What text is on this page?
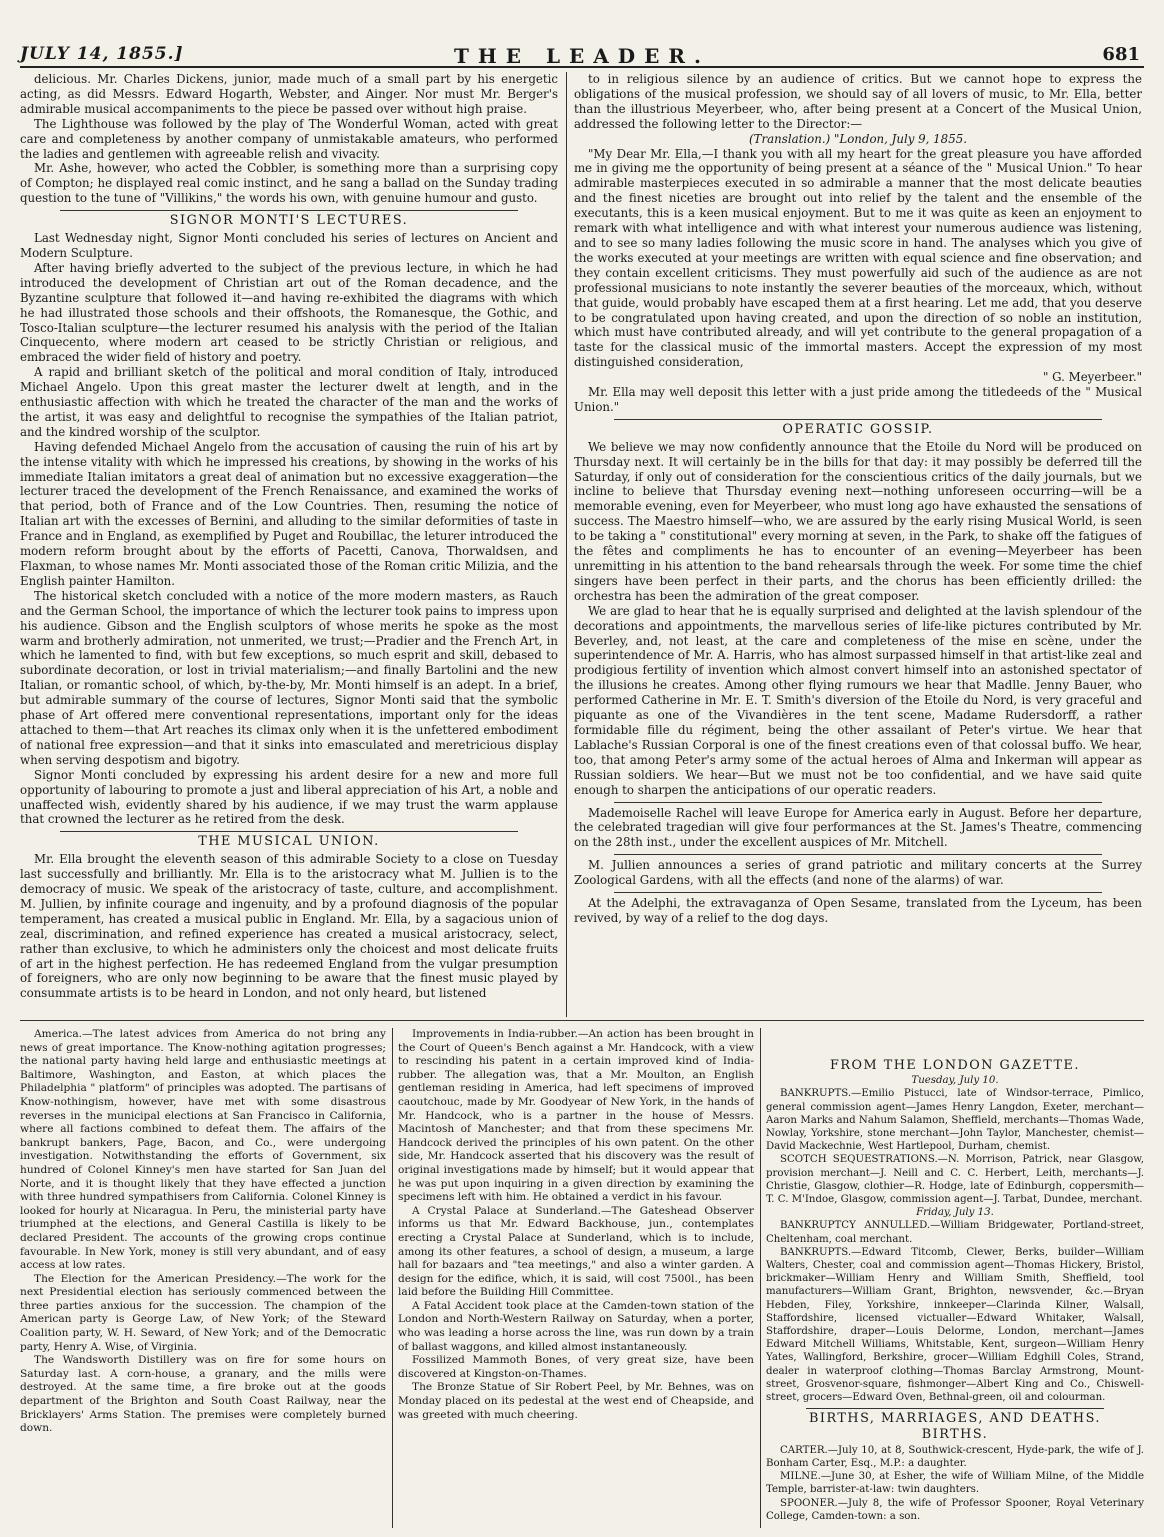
JULY 14, 1855.]	THE LEADER.	681

delicious. Mr. Charles Dickens, junior, made much of a small part by his energetic acting, as did Messrs. Edward Hogarth, Webster, and Ainger. Nor must Mr. Berger's admirable musical accompaniments to the piece be passed over without high praise.

The Lighthouse was followed by the play of The Wonderful Woman, acted with great care and completeness by another company of unmistakable amateurs, who performed the ladies and gentlemen with agreeable relish and vivacity.

Mr. Ashe, however, who acted the Cobbler, is something more than a surprising copy of Compton; he displayed real comic instinct, and he sang a ballad on the Sunday trading question to the tune of "Villikins," the words his own, with genuine humour and gusto.

SIGNOR MONTI'S LECTURES.

Last Wednesday night, Signor Monti concluded his series of lectures on Ancient and Modern Sculpture.

After having briefly adverted to the subject of the previous lecture, in which he had introduced the development of Christian art out of the Roman decadence, and the Byzantine sculpture that followed it—and having re-exhibited the diagrams with which he had illustrated those schools and their offshoots, the Romanesque, the Gothic, and Tosco-Italian sculpture—the lecturer resumed his analysis with the period of the Italian Cinquecento, where modern art ceased to be strictly Christian or religious, and embraced the wider field of history and poetry.

A rapid and brilliant sketch of the political and moral condition of Italy, introduced Michael Angelo. Upon this great master the lecturer dwelt at length, and in the enthusiastic affection with which he treated the character of the man and the works of the artist, it was easy and delightful to recognise the sympathies of the Italian patriot, and the kindred worship of the sculptor.

Having defended Michael Angelo from the accusation of causing the ruin of his art by the intense vitality with which he impressed his creations, by showing in the works of his immediate Italian imitators a great deal of animation but no excessive exaggeration—the lecturer traced the development of the French Renaissance, and examined the works of that period, both of France and of the Low Countries. Then, resuming the notice of Italian art with the excesses of Bernini, and alluding to the similar deformities of taste in France and in England, as exemplified by Puget and Roubillac, the leturer introduced the modern reform brought about by the efforts of Pacetti, Canova, Thorwaldsen, and Flaxman, to whose names Mr. Monti associated those of the Roman critic Milizia, and the English painter Hamilton.

The historical sketch concluded with a notice of the more modern masters, as Rauch and the German School, the importance of which the lecturer took pains to impress upon his audience. Gibson and the English sculptors of whose merits he spoke as the most warm and brotherly admiration, not unmerited, we trust;—Pradier and the French Art, in which he lamented to find, with but few exceptions, so much esprit and skill, debased to subordinate decoration, or lost in trivial materialism;—and finally Bartolini and the new Italian, or romantic school, of which, by-the-by, Mr. Monti himself is an adept. In a brief, but admirable summary of the course of lectures, Signor Monti said that the symbolic phase of Art offered mere conventional representations, important only for the ideas attached to them—that Art reaches its climax only when it is the unfettered embodiment of national free expression—and that it sinks into emasculated and meretricious display when serving despotism and bigotry.

Signor Monti concluded by expressing his ardent desire for a new and more full opportunity of labouring to promote a just and liberal appreciation of his Art, a noble and unaffected wish, evidently shared by his audience, if we may trust the warm applause that crowned the lecturer as he retired from the desk.

THE MUSICAL UNION.

Mr. Ella brought the eleventh season of this admirable Society to a close on Tuesday last successfully and brilliantly. Mr. Ella is to the aristocracy what M. Jullien is to the democracy of music. We speak of the aristocracy of taste, culture, and accomplishment. M. Jullien, by infinite courage and ingenuity, and by a profound diagnosis of the popular temperament, has created a musical public in England. Mr. Ella, by a sagacious union of zeal, discrimination, and refined experience has created a musical aristocracy, select, rather than exclusive, to which he administers only the choicest and most delicate fruits of art in the highest perfection. He has redeemed England from the vulgar presumption of foreigners, who are only now beginning to be aware that the finest music played by consummate artists is to be heard in London, and not only heard, but listened

to in religious silence by an audience of critics. But we cannot hope to express the obligations of the musical profession, we should say of all lovers of music, to Mr. Ella, better than the illustrious Meyerbeer, who, after being present at a Concert of the Musical Union, addressed the following letter to the Director:—

(Translation.) "London, July 9, 1855.

"My Dear Mr. Ella,—I thank you with all my heart for the great pleasure you have afforded me in giving me the opportunity of being present at a séance of the " Musical Union." To hear admirable masterpieces executed in so admirable a manner that the most delicate beauties and the finest niceties are brought out into relief by the talent and the ensemble of the executants, this is a keen musical enjoyment. But to me it was quite as keen an enjoyment to remark with what intelligence and with what interest your numerous audience was listening, and to see so many ladies following the music score in hand. The analyses which you give of the works executed at your meetings are written with equal science and fine observation; and they contain excellent criticisms. They must powerfully aid such of the audience as are not professional musicians to note instantly the severer beauties of the morceaux, which, without that guide, would probably have escaped them at a first hearing. Let me add, that you deserve to be congratulated upon having created, and upon the direction of so noble an institution, which must have contributed already, and will yet contribute to the general propagation of a taste for the classical music of the immortal masters. Accept the expression of my most distinguished consideration,

" G. Meyerbeer."

Mr. Ella may well deposit this letter with a just pride among the titledeeds of the " Musical Union."

OPERATIC GOSSIP.

We believe we may now confidently announce that the Etoile du Nord will be produced on Thursday next. It will certainly be in the bills for that day: it may possibly be deferred till the Saturday, if only out of consideration for the conscientious critics of the daily journals, but we incline to believe that Thursday evening next—nothing unforeseen occurring—will be a memorable evening, even for Meyerbeer, who must long ago have exhausted the sensations of success. The Maestro himself—who, we are assured by the early rising Musical World, is seen to be taking a " constitutional" every morning at seven, in the Park, to shake off the fatigues of the fêtes and compliments he has to encounter of an evening—Meyerbeer has been unremitting in his attention to the band rehearsals through the week. For some time the chief singers have been perfect in their parts, and the chorus has been efficiently drilled: the orchestra has been the admiration of the great composer.

We are glad to hear that he is equally surprised and delighted at the lavish splendour of the decorations and appointments, the marvellous series of life-like pictures contributed by Mr. Beverley, and, not least, at the care and completeness of the mise en scène, under the superintendence of Mr. A. Harris, who has almost surpassed himself in that artist-like zeal and prodigious fertility of invention which almost convert himself into an astonished spectator of the illusions he creates. Among other flying rumours we hear that Madlle. Jenny Bauer, who performed Catherine in Mr. E. T. Smith's diversion of the Etoile du Nord, is very graceful and piquante as one of the Vivandières in the tent scene, Madame Rudersdorff, a rather formidable fille du régiment, being the other assailant of Peter's virtue. We hear that Lablache's Russian Corporal is one of the finest creations even of that colossal buffo. We hear, too, that among Peter's army some of the actual heroes of Alma and Inkerman will appear as Russian soldiers. We hear—But we must not be too confidential, and we have said quite enough to sharpen the anticipations of our operatic readers.

Mademoiselle Rachel will leave Europe for America early in August. Before her departure, the celebrated tragedian will give four performances at the St. James's Theatre, commencing on the 28th inst., under the excellent auspices of Mr. Mitchell.

M. Jullien announces a series of grand patriotic and military concerts at the Surrey Zoological Gardens, with all the effects (and none of the alarms) of war.

At the Adelphi, the extravaganza of Open Sesame, translated from the Lyceum, has been revived, by way of a relief to the dog days.

America.—The latest advices from America do not bring any news of great importance. The Know-nothing agitation progresses; the national party having held large and enthusiastic meetings at Baltimore, Washington, and Easton, at which places the Philadelphia " platform" of principles was adopted. The partisans of Know-nothingism, however, have met with some disastrous reverses in the municipal elections at San Francisco in California, where all factions combined to defeat them. The affairs of the bankrupt bankers, Page, Bacon, and Co., were undergoing investigation. Notwithstanding the efforts of Government, six hundred of Colonel Kinney's men have started for San Juan del Norte, and it is thought likely that they have effected a junction with three hundred sympathisers from California. Colonel Kinney is looked for hourly at Nicaragua. In Peru, the ministerial party have triumphed at the elections, and General Castilla is likely to be declared President. The accounts of the growing crops continue favourable. In New York, money is still very abundant, and of easy access at low rates.

The Election for the American Presidency.—The work for the next Presidential election has seriously commenced between the three parties anxious for the succession. The champion of the American party is George Law, of New York; of the Steward Coalition party, W. H. Seward, of New York; and of the Democratic party, Henry A. Wise, of Virginia.

The Wandsworth Distillery was on fire for some hours on Saturday last. A corn-house, a granary, and the mills were destroyed. At the same time, a fire broke out at the goods department of the Brighton and South Coast Railway, near the Bricklayers' Arms Station. The premises were completely burned down.

Improvements in India-rubber.—An action has been brought in the Court of Queen's Bench against a Mr. Handcock, with a view to rescinding his patent in a certain improved kind of India-rubber. The allegation was, that a Mr. Moulton, an English gentleman residing in America, had left specimens of improved caoutchouc, made by Mr. Goodyear of New York, in the hands of Mr. Handcock, who is a partner in the house of Messrs. Macintosh of Manchester; and that from these specimens Mr. Handcock derived the principles of his own patent. On the other side, Mr. Handcock asserted that his discovery was the result of original investigations made by himself; but it would appear that he was put upon inquiring in a given direction by examining the specimens left with him. He obtained a verdict in his favour.

A Crystal Palace at Sunderland.—The Gateshead Observer informs us that Mr. Edward Backhouse, jun., contemplates erecting a Crystal Palace at Sunderland, which is to include, among its other features, a school of design, a museum, a large hall for bazaars and "tea meetings," and also a winter garden. A design for the edifice, which, it is said, will cost 7500l., has been laid before the Building Hill Committee.

A Fatal Accident took place at the Camden-town station of the London and North-Western Railway on Saturday, when a porter, who was leading a horse across the line, was run down by a train of ballast waggons, and killed almost instantaneously.

Fossilized Mammoth Bones, of very great size, have been discovered at Kingston-on-Thames.

The Bronze Statue of Sir Robert Peel, by Mr. Behnes, was on Monday placed on its pedestal at the west end of Cheapside, and was greeted with much cheering.

FROM THE LONDON GAZETTE.

Tuesday, July 10.

BANKRUPTS.—Emilio Pistucci, late of Windsor-terrace, Pimlico, general commission agent—James Henry Langdon, Exeter, merchant—Aaron Marks and Nahum Salamon, Sheffield, merchants—Thomas Wade, Nowlay, Yorkshire, stone merchant—John Taylor, Manchester, chemist—David Mackechnie, West Hartlepool, Durham, chemist.

SCOTCH SEQUESTRATIONS.—N. Morrison, Patrick, near Glasgow, provision merchant—J. Neill and C. C. Herbert, Leith, merchants—J. Christie, Glasgow, clothier—R. Hodge, late of Edinburgh, coppersmith—T. C. M'Indoe, Glasgow, commission agent—J. Tarbat, Dundee, merchant.

Friday, July 13.

BANKRUPTCY ANNULLED.—William Bridgewater, Portland-street, Cheltenham, coal merchant.

BANKRUPTS.—Edward Titcomb, Clewer, Berks, builder—William Walters, Chester, coal and commission agent—Thomas Hickery, Bristol, brickmaker—William Henry and William Smith, Sheffield, tool manufacturers—William Grant, Brighton, newsvender, &c.—Bryan Hebden, Filey, Yorkshire, innkeeper—Clarinda Kilner, Walsall, Staffordshire, licensed victualler—Edward Whitaker, Walsall, Staffordshire, draper—Louis Delorme, London, merchant—James Edward Mitchell Williams, Whitstable, Kent, surgeon—William Henry Yates, Wallingford, Berkshire, grocer—William Edghill Coles, Strand, dealer in waterproof clothing—Thomas Barclay Armstrong, Mount-street, Grosvenor-square, fishmonger—Albert King and Co., Chiswell-street, grocers—Edward Oven, Bethnal-green, oil and colourman.

BIRTHS, MARRIAGES, AND DEATHS.

BIRTHS.

CARTER.—July 10, at 8, Southwick-crescent, Hyde-park, the wife of J. Bonham Carter, Esq., M.P.: a daughter.

MILNE.—June 30, at Esher, the wife of William Milne, of the Middle Temple, barrister-at-law: twin daughters.

SPOONER.—July 8, the wife of Professor Spooner, Royal Veterinary College, Camden-town: a son.
